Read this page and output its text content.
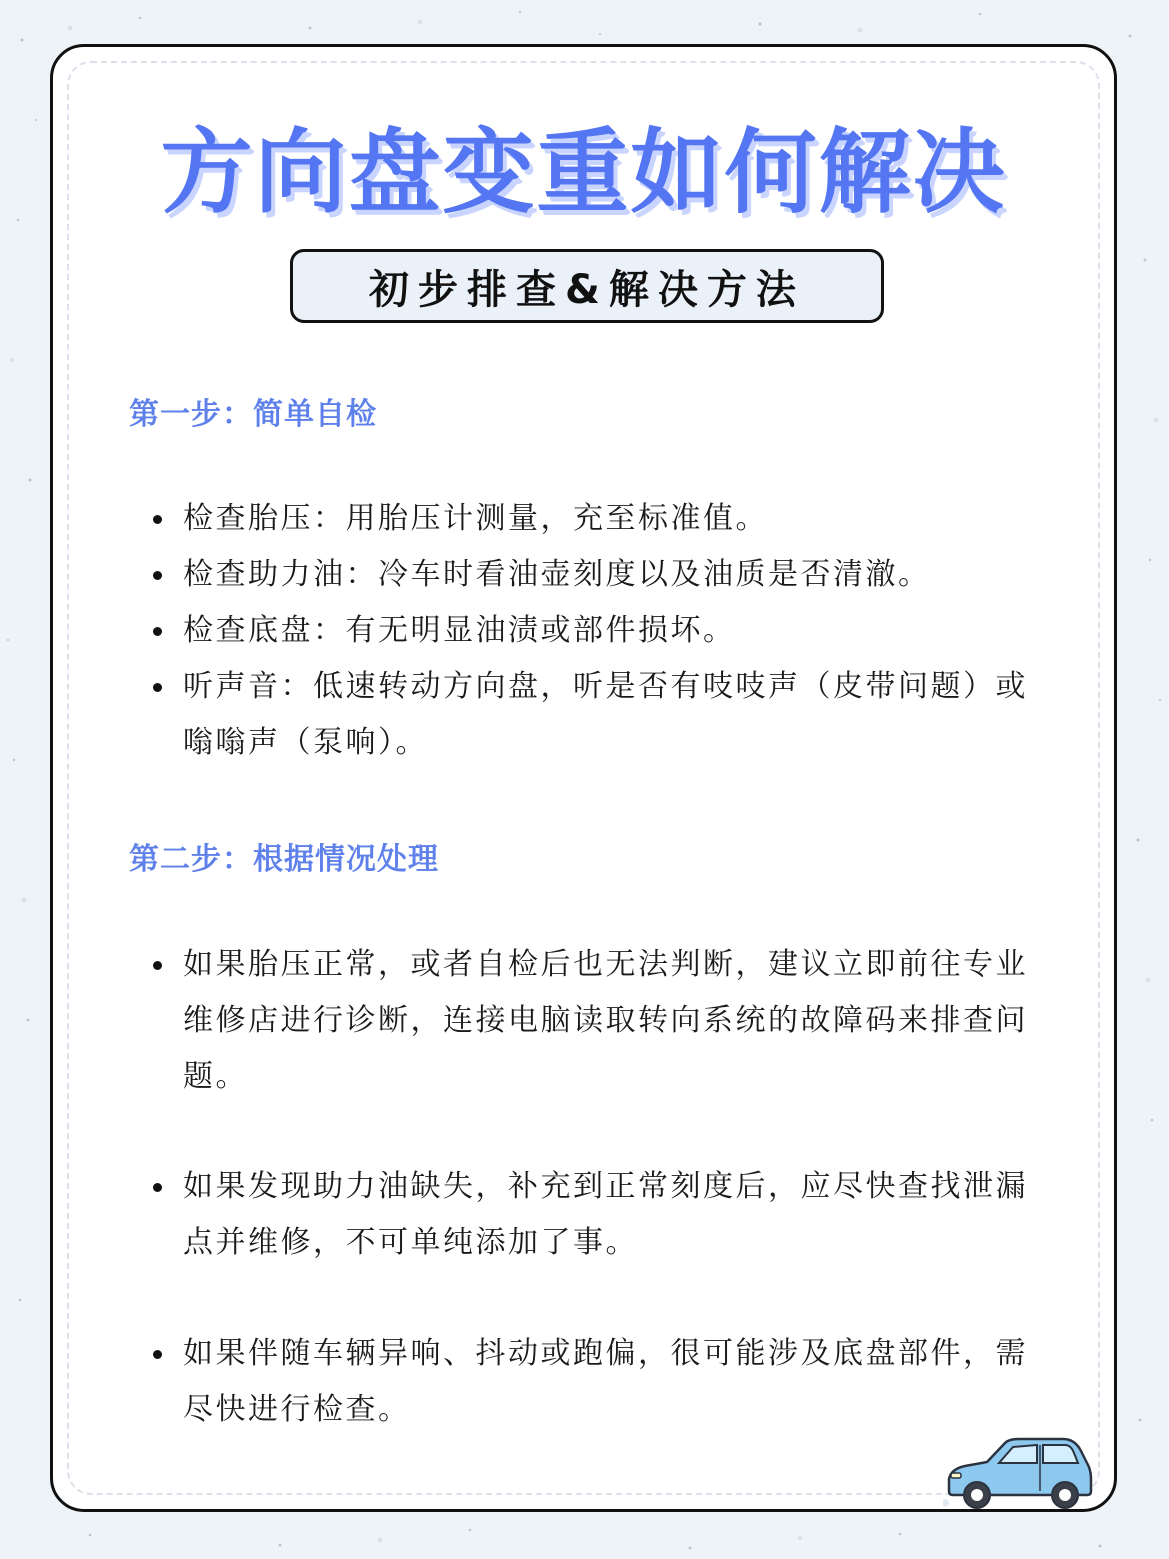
方向盘变重如何解决
初步排查&解决方法
第一步：简单自检
检查胎压：用胎压计测量，充至标准值。
检查助力油：冷车时看油壶刻度以及油质是否清澈。
检查底盘：有无明显油渍或部件损坏。
听声音：低速转动方向盘，听是否有吱吱声（皮带问题）或嗡嗡声（泵响）。
第二步：根据情况处理
如果胎压正常，或者自检后也无法判断，建议立即前往专业维修店进行诊断，连接电脑读取转向系统的故障码来排查问题。
如果发现助力油缺失，补充到正常刻度后，应尽快查找泄漏点并维修，不可单纯添加了事。
如果伴随车辆异响、抖动或跑偏，很可能涉及底盘部件，需尽快进行检查。
